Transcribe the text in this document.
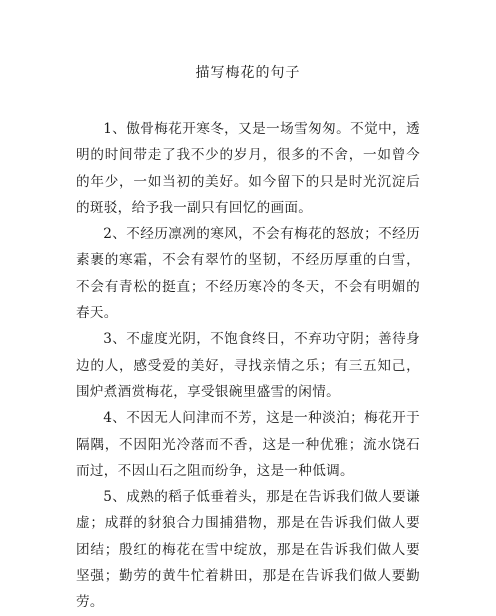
描写梅花的句子

1、傲骨梅花开寒冬，又是一场雪匆匆。不觉中，透明的时间带走了我不少的岁月，很多的不舍，一如曾今的年少，一如当初的美好。如今留下的只是时光沉淀后的斑驳，给予我一副只有回忆的画面。

2、不经历凛冽的寒风，不会有梅花的怒放；不经历素裹的寒霜，不会有翠竹的坚韧，不经历厚重的白雪，不会有青松的挺直；不经历寒冷的冬天，不会有明媚的春天。

3、不虚度光阴，不饱食终日，不弃功守阴；善待身边的人，感受爱的美好，寻找亲情之乐；有三五知己，围炉煮酒赏梅花，享受银碗里盛雪的闲情。

4、不因无人问津而不芳，这是一种淡泊；梅花开于隔隅，不因阳光冷落而不香，这是一种优雅；流水饶石而过，不因山石之阻而纷争，这是一种低调。

5、成熟的稻子低垂着头，那是在告诉我们做人要谦虚；成群的豺狼合力围捕猎物，那是在告诉我们做人要团结；殷红的梅花在雪中绽放，那是在告诉我们做人要坚强；勤劳的黄牛忙着耕田，那是在告诉我们做人要勤劳。
